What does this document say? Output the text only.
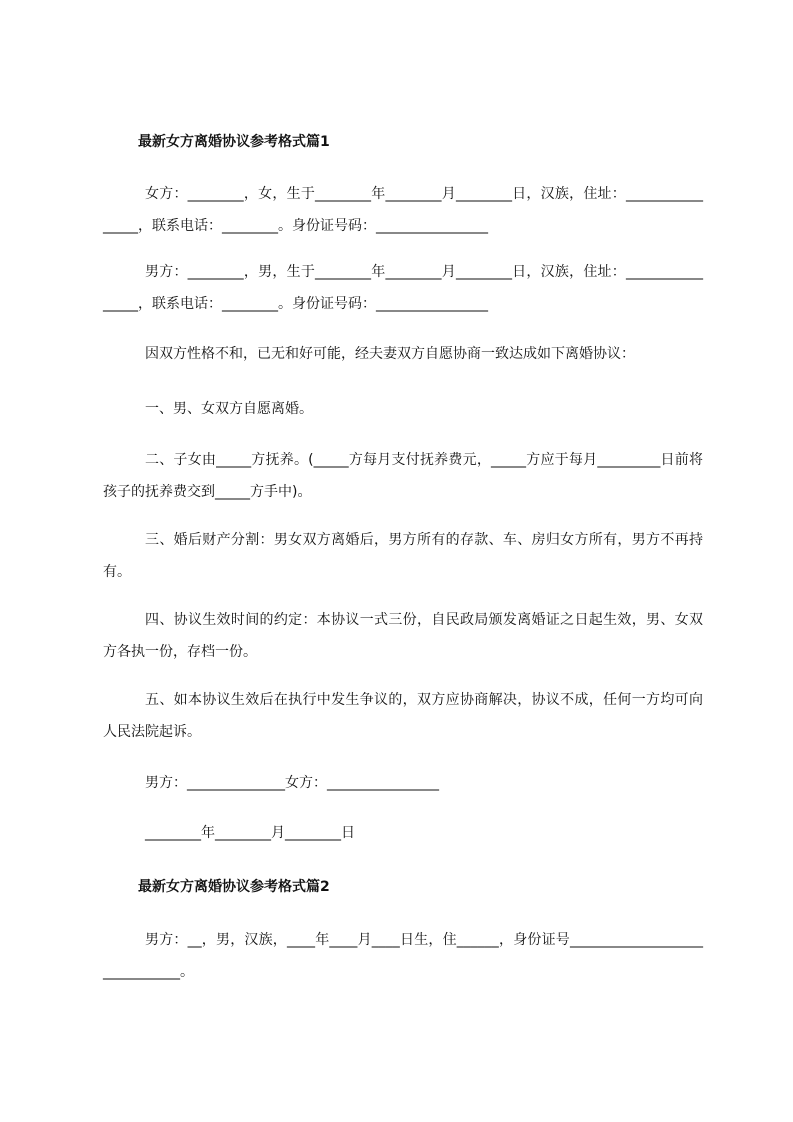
最新女方离婚协议参考格式篇1
女方：________，女，生于________年________月________日，汉族，住址：________________，联系电话：________。身份证号码：________________
男方：________，男，生于________年________月________日，汉族，住址：________________，联系电话：________。身份证号码：________________
因双方性格不和，已无和好可能，经夫妻双方自愿协商一致达成如下离婚协议：
一、男、女双方自愿离婚。
二、子女由_____方抚养。(_____方每月支付抚养费元，_____方应于每月_________日前将孩子的抚养费交到_____方手中)。
三、婚后财产分割：男女双方离婚后，男方所有的存款、车、房归女方所有，男方不再持有。
四、协议生效时间的约定：本协议一式三份，自民政局颁发离婚证之日起生效，男、女双方各执一份，存档一份。
五、如本协议生效后在执行中发生争议的，双方应协商解决，协议不成，任何一方均可向人民法院起诉。
男方：______________女方：________________
________年________月________日
最新女方离婚协议参考格式篇2
男方：__，男，汉族，____年____月____日生，住______，身份证号______________________________。
